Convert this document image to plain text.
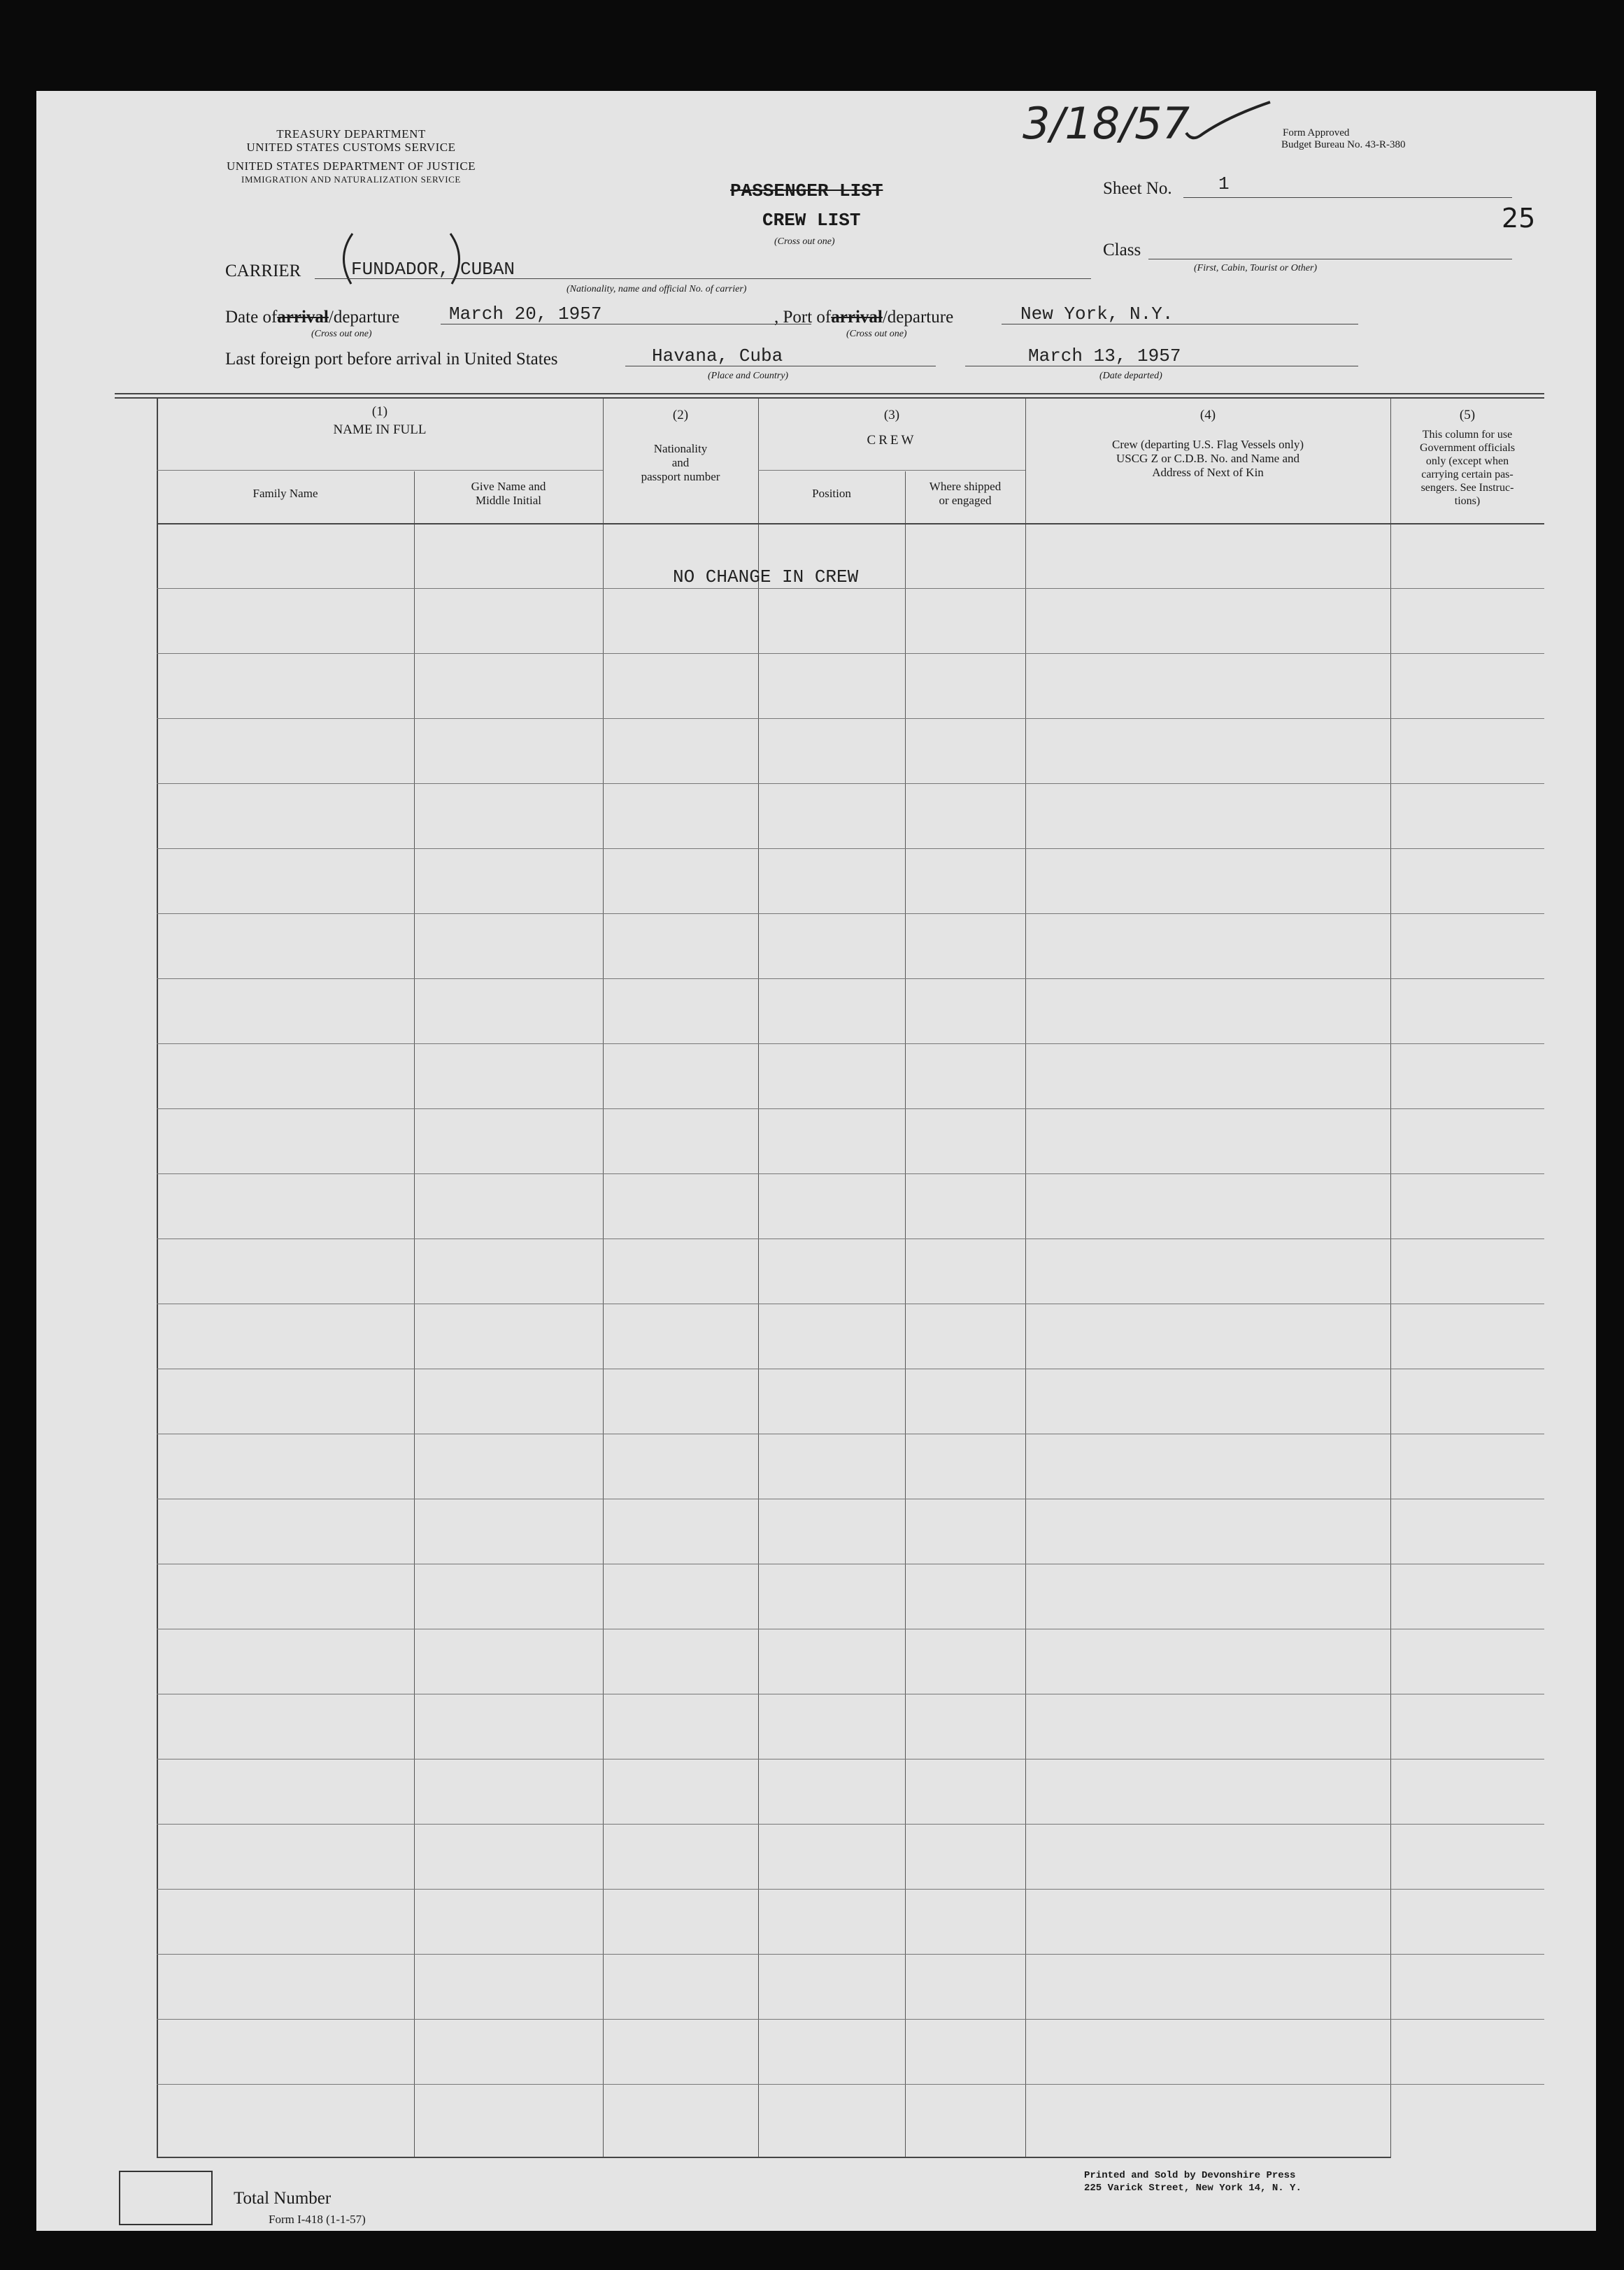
TREASURY DEPARTMENT
UNITED STATES CUSTOMS SERVICE
UNITED STATES DEPARTMENT OF JUSTICE
IMMIGRATION AND NATURALIZATION SERVICE
3/18/57	Form Approved
Budget Bureau No. 43-R-380
PASSENGER LIST
CREW LIST
(Cross out one)
Sheet No.	1
25
Class
(First, Cabin, Tourist or Other)
CARRIER	FUNDADOR, CUBAN
(Nationality, name and official No. of carrier)
Date ofarrival/departure	March 20, 1957
(Cross out one)
, Port ofarrival/departure	New York, N.Y.
(Cross out one)
Last foreign port before arrival in United States	Havana, Cuba
(Place and Country)
March 13, 1957
(Date departed)
(1)
NAME IN FULL
Family Name
Give Name and
Middle Initial
(2)
Nationality
and
passport number
(3)
CREW
Position
Where shipped
or engaged
(4)
Crew (departing U.S. Flag Vessels only)
USCG Z or C.D.B. No. and Name and
Address of Next of Kin
(5)
This column for use
Government officials
only (except when
carrying certain pas-
sengers. See Instruc-
tions)
NO CHANGE IN CREW
Total Number
Form I-418 (1-1-57)
Printed and Sold by Devonshire Press
225 Varick Street, New York 14, N. Y.
